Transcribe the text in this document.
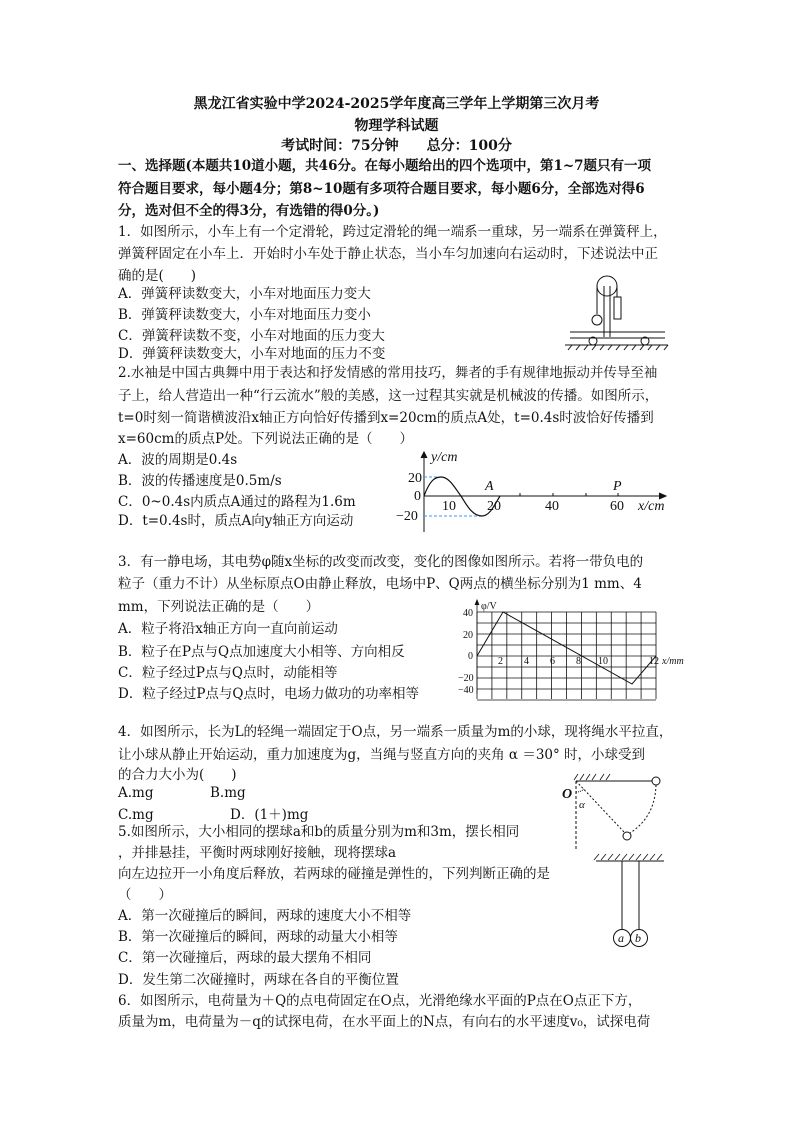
黑龙江省实验中学2024-2025学年度高三学年上学期第三次月考
物理学科试题
考试时间：75分钟　　总分：100分
一、选择题(本题共10道小题，共46分。在每小题给出的四个选项中，第1~7题只有一项
符合题目要求，每小题4分；第8~10题有多项符合题目要求，每小题6分，全部选对得6
分，选对但不全的得3分，有选错的得0分。)
1．如图所示，小车上有一个定滑轮，跨过定滑轮的绳一端系一重球，另一端系在弹簧秤上，
弹簧秤固定在小车上．开始时小车处于静止状态，当小车匀加速向右运动时，下述说法中正
确的是(　　)
A．弹簧秤读数变大，小车对地面压力变大
B．弹簧秤读数变大，小车对地面压力变小
C．弹簧秤读数不变，小车对地面的压力变大
D．弹簧秤读数变大，小车对地面的压力不变
2.水袖是中国古典舞中用于表达和抒发情感的常用技巧，舞者的手有规律地振动并传导至袖
子上，给人营造出一种“行云流水”般的美感，这一过程其实就是机械波的传播。如图所示，
t=0时刻一简谐横波沿x轴正方向恰好传播到x=20cm的质点A处，t=0.4s时波恰好传播到
x=60cm的质点P处。下列说法正确的是（　　）
A．波的周期是0.4s
B．波的传播速度是0.5m/s
C．0~0.4s内质点A通过的路程为1.6m
D．t=0.4s时，质点A向y轴正方向运动
y/cm
20
0
−20
10 20	40	60 x/cm
A	P
3．有一静电场，其电势φ随x坐标的改变而改变，变化的图像如图所示。若将一带负电的
粒子（重力不计）从坐标原点O由静止释放，电场中P、Q两点的横坐标分别为1 mm、4
mm，下列说法正确的是（　　）
A．粒子将沿x轴正方向一直向前运动
B．粒子在P点与Q点加速度大小相等、方向相反
C．粒子经过P点与Q点时，动能相等
D．粒子经过P点与Q点时，电场力做功的功率相等
φ/V
40
20
0
−20
−40
2 4 6 8 10	12 x/mm
4．如图所示，长为L的轻绳一端固定于O点，另一端系一质量为m的小球，现将绳水平拉直，
让小球从静止开始运动，重力加速度为g，当绳与竖直方向的夹角 α ＝30° 时，小球受到
的合力大小为(　　)
A.mg	B.mg
C.mg	D．(1＋)mg
O
α
5.如图所示，大小相同的摆球a和b的质量分别为m和3m，摆长相同
，并排悬挂，平衡时两球刚好接触，现将摆球a
向左边拉开一小角度后释放，若两球的碰撞是弹性的，下列判断正确的是
（　　）
A．第一次碰撞后的瞬间，两球的速度大小不相等
B．第一次碰撞后的瞬间，两球的动量大小相等
C．第一次碰撞后，两球的最大摆角不相同
D．发生第二次碰撞时，两球在各自的平衡位置
a b
6．如图所示，电荷量为＋Q的点电荷固定在O点，光滑绝缘水平面的P点在O点正下方，
质量为m，电荷量为－q的试探电荷，在水平面上的N点，有向右的水平速度v₀，试探电荷
